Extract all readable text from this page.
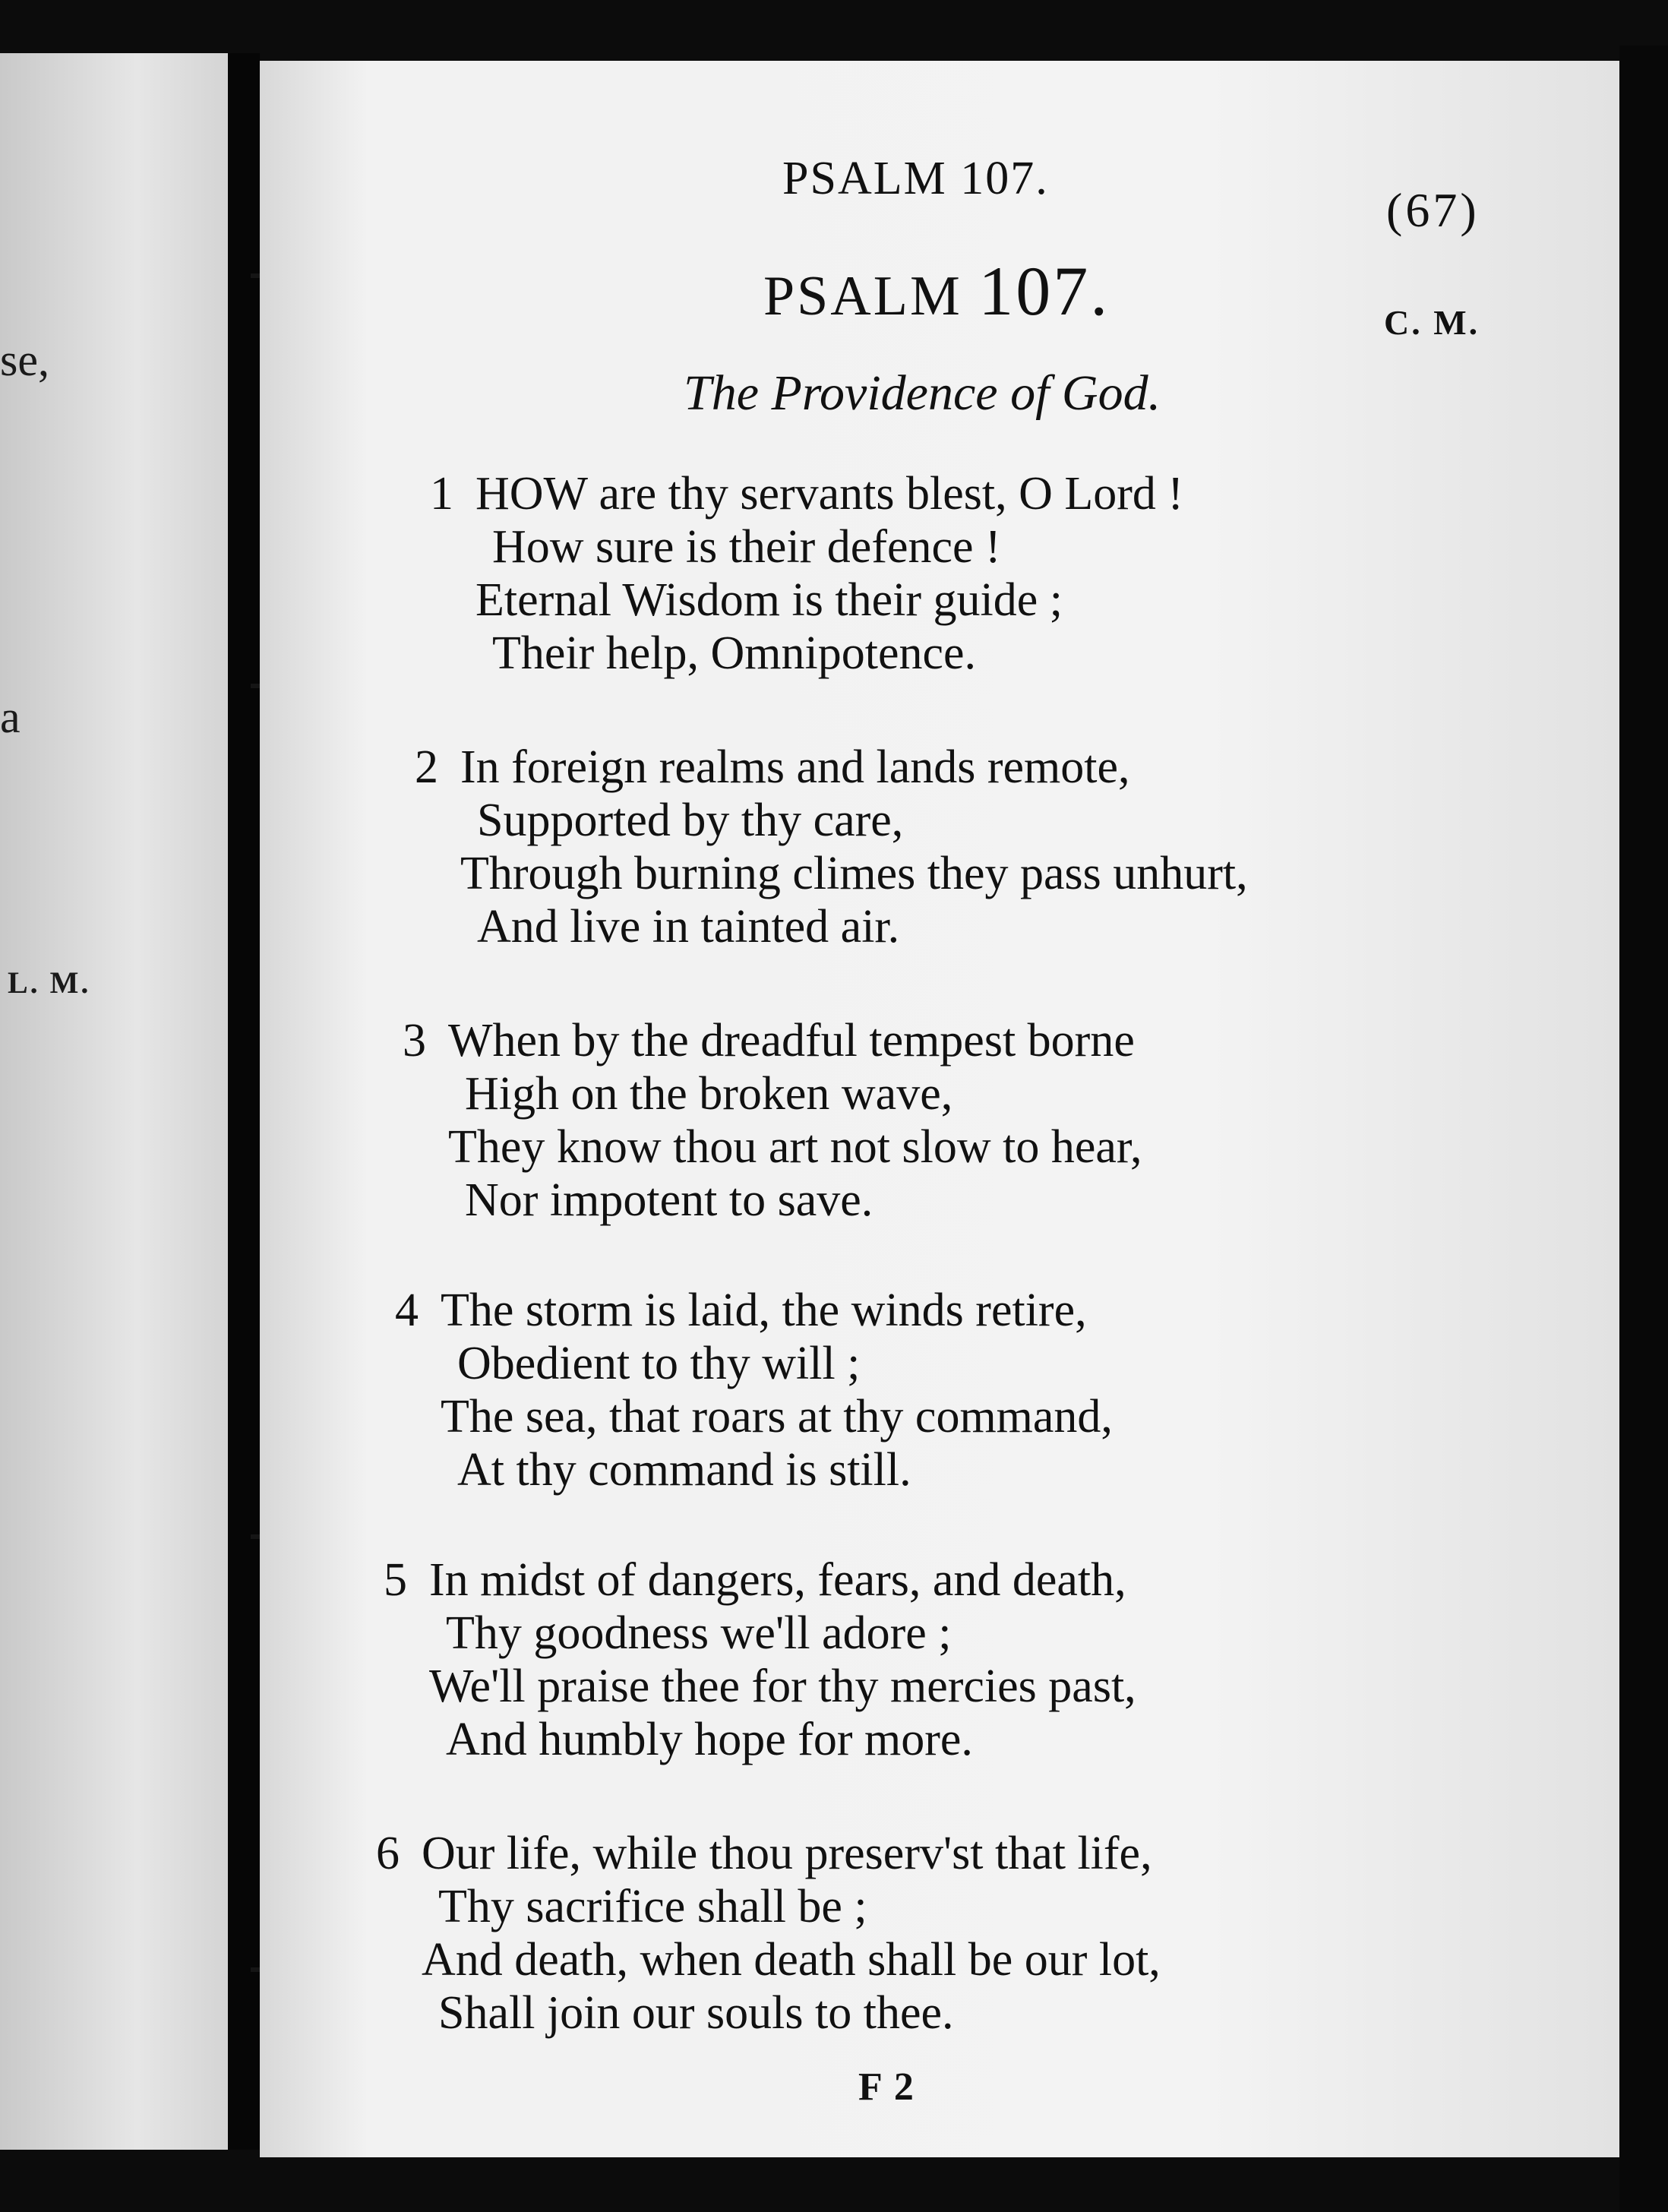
se,
a
L. M.
PSALM 107.
(67)
PSALM 107.	C. M.
The Providence of God.
1 HOW are thy servants blest, O Lord !
How sure is their defence !
Eternal Wisdom is their guide ;
Their help, Omnipotence.
2 In foreign realms and lands remote,
Supported by thy care,
Through burning climes they pass unhurt,
And live in tainted air.
3 When by the dreadful tempest borne
High on the broken wave,
They know thou art not slow to hear,
Nor impotent to save.
4 The storm is laid, the winds retire,
Obedient to thy will ;
The sea, that roars at thy command,
At thy command is still.
5 In midst of dangers, fears, and death,
Thy goodness we'll adore ;
We'll praise thee for thy mercies past,
And humbly hope for more.
6 Our life, while thou preserv'st that life,
Thy sacrifice shall be ;
And death, when death shall be our lot,
Shall join our souls to thee.
F 2
